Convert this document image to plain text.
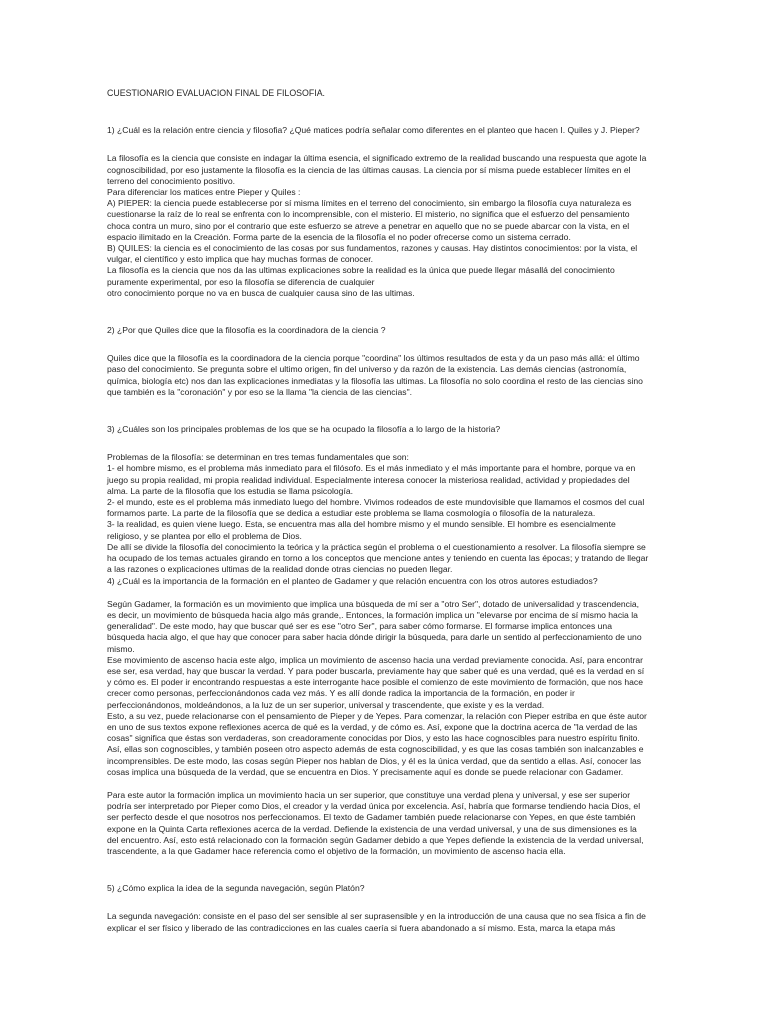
CUESTIONARIO EVALUACION FINAL DE FILOSOFIA.
1) ¿Cuál es la relación entre ciencia y filosofia? ¿Qué matices podría señalar como diferentes en el planteo que hacen I. Quiles y J. Pieper?
La filosofía es la ciencia que consiste en indagar la última esencia, el significado extremo de la realidad buscando una respuesta que agote la
cognoscibilidad, por eso justamente la filosofía es la ciencia de las últimas causas. La ciencia por sí misma puede establecer límites en el
terreno del conocimiento positivo.
Para diferenciar los matices entre Pieper y Quiles :
A) PIEPER: la ciencia puede establecerse por sí misma límites en el terreno del conocimiento, sin embargo la filosofía cuya naturaleza es
cuestionarse la raíz de lo real se enfrenta con lo incomprensible, con el misterio. El misterio, no significa que el esfuerzo del pensamiento
choca contra un muro, sino por el contrario que este esfuerzo se atreve a penetrar en aquello que no se puede abarcar con la vista, en el
espacio ilimitado en la Creación. Forma parte de la esencia de la filosofía el no poder ofrecerse como un sistema cerrado.
B) QUILES: la ciencia es el conocimiento de las cosas por sus fundamentos, razones y causas. Hay distintos conocimientos: por la vista, el
vulgar, el científico y esto implica que hay muchas formas de conocer.
La filosofía es la ciencia que nos da las ultimas explicaciones sobre la realidad es la única que puede llegar másallá del conocimiento
puramente experimental, por eso la filosofía se diferencia de cualquier
otro conocimiento porque no va en busca de cualquier causa sino de las ultimas.
2) ¿Por que Quiles dice que la filosofía es la coordinadora de la ciencia ?
Quiles dice que la filosofía es la coordinadora de la ciencia porque "coordina" los últimos resultados de esta y da un paso más allá: el último
paso del conocimiento. Se pregunta sobre el ultimo origen, fin del universo y da razón de la existencia. Las demás ciencias (astronomía,
química, biología etc) nos dan las explicaciones inmediatas y la filosofía las ultimas. La filosofía no solo coordina el resto de las ciencias sino
que también es la "coronación" y por eso se la llama "la ciencia de las ciencias".
3) ¿Cuáles son los principales problemas de los que se ha ocupado la filosofía a lo largo de la historia?
Problemas de la filosofía: se determinan en tres temas fundamentales que son:
1- el hombre mismo, es el problema más inmediato para el filósofo. Es el más inmediato y el más importante para el hombre, porque va en
juego su propia realidad, mi propia realidad individual. Especialmente interesa conocer la misteriosa realidad, actividad y propiedades del
alma. La parte de la filosofía que los estudia se llama psicología.
2- el mundo, este es el problema más inmediato luego del hombre. Vivimos rodeados de este mundovisible que llamamos el cosmos del cual
formamos parte. La parte de la filosofía que se dedica a estudiar este problema se llama cosmología o filosofía de la naturaleza.
3- la realidad, es quien viene luego. Esta, se encuentra mas alla del hombre mismo y el mundo sensible. El hombre es esencialmente
religioso, y se plantea por ello el problema de Dios.
De allí se divide la filosofía del conocimiento la teórica y la práctica según el problema o el cuestionamiento a resolver. La filosofía siempre se
ha ocupado de los temas actuales girando en torno a los conceptos que mencione antes y teniendo en cuenta las épocas; y tratando de llegar
a las razones o explicaciones ultimas de la realidad donde otras ciencias no pueden llegar.
4) ¿Cuál es la importancia de la formación en el planteo de Gadamer y que relación encuentra con los otros autores estudiados?
Según Gadamer, la formación es un movimiento que implica una búsqueda de mí ser a "otro Ser", dotado de universalidad y trascendencia,
es decir, un movimiento de búsqueda hacia algo más grande,. Entonces, la formación implica un "elevarse por encima de sí mismo hacia la
generalidad". De este modo, hay que buscar qué ser es ese "otro Ser", para saber cómo formarse. El formarse implica entonces una
búsqueda hacia algo, el que hay que conocer para saber hacia dónde dirigir la búsqueda, para darle un sentido al perfeccionamiento de uno
mismo.
Ese movimiento de ascenso hacia este algo, implica un movimiento de ascenso hacia una verdad previamente conocida. Así, para encontrar
ese ser, esa verdad, hay que buscar la verdad. Y para poder buscarla, previamente hay que saber qué es una verdad, qué es la verdad en sí
y cómo es. El poder ir encontrando respuestas a este interrogante hace posible el comienzo de este movimiento de formación, que nos hace
crecer como personas, perfeccionándonos cada vez más. Y es allí donde radica la importancia de la formación, en poder ir
perfeccionándonos, moldeándonos, a la luz de un ser superior, universal y trascendente, que existe y es la verdad.
Esto, a su vez, puede relacionarse con el pensamiento de Pieper y de Yepes. Para comenzar, la relación con Pieper estriba en que éste autor
en uno de sus textos expone reflexiones acerca de qué es la verdad, y de cómo es. Así, expone que la doctrina acerca de "la verdad de las
cosas" significa que éstas son verdaderas, son creadoramente conocidas por Dios, y esto las hace cognoscibles para nuestro espíritu finito.
Así, ellas son cognoscibles, y también poseen otro aspecto además de esta cognoscibilidad, y es que las cosas también son inalcanzables e
incomprensibles. De este modo, las cosas según Pieper nos hablan de Dios, y él es la única verdad, que da sentido a ellas. Así, conocer las
cosas implica una búsqueda de la verdad, que se encuentra en Dios. Y precisamente aquí es donde se puede relacionar con Gadamer.
Para este autor la formación implica un movimiento hacia un ser superior, que constituye una verdad plena y universal, y ese ser superior
podría ser interpretado por Pieper como Dios, el creador y la verdad única por excelencia. Así, habría que formarse tendiendo hacia Dios, el
ser perfecto desde el que nosotros nos perfeccionamos. El texto de Gadamer también puede relacionarse con Yepes, en que éste también
expone en la Quinta Carta reflexiones acerca de la verdad. Defiende la existencia de una verdad universal, y una de sus dimensiones es la
del encuentro. Así, esto está relacionado con la formación según Gadamer debido a que Yepes defiende la existencia de la verdad universal,
trascendente, a la que Gadamer hace referencia como el objetivo de la formación, un movimiento de ascenso hacia ella.
5) ¿Cómo explica la idea de la segunda navegación, según Platón?
La segunda navegación: consiste en el paso del ser sensible al ser suprasensible y en la introducción de una causa que no sea física a fin de
explicar el ser físico y liberado de las contradicciones en las cuales caería si fuera abandonado a sí mismo. Esta, marca la etapa más
